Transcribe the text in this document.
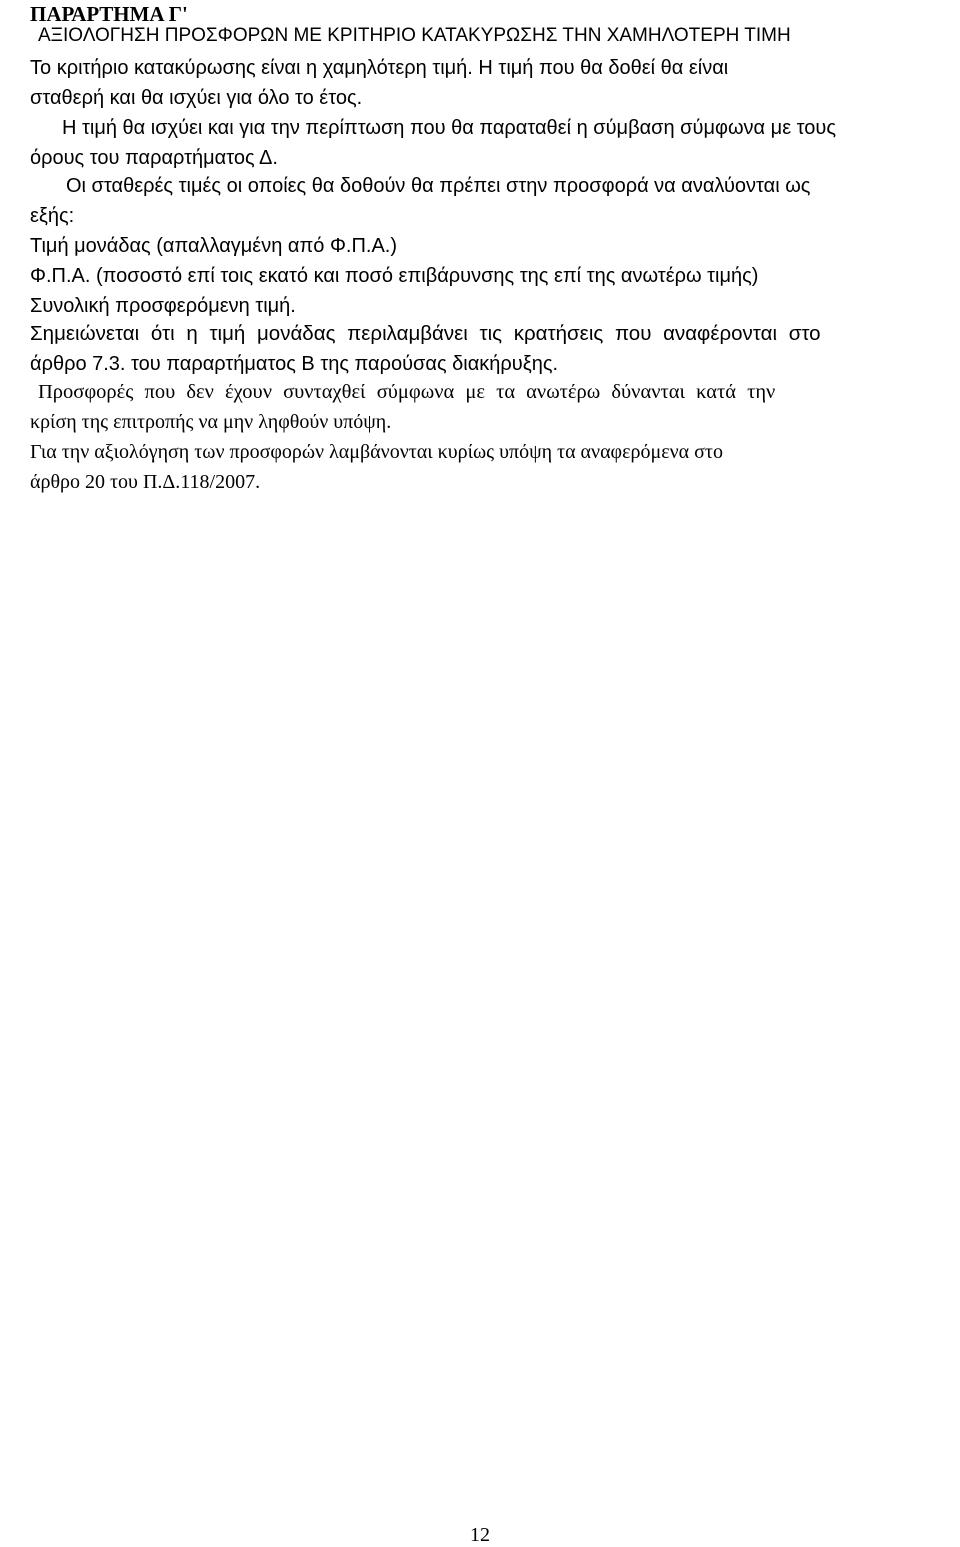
ΠΑΡΑΡΤΗΜΑ Γ'
ΑΞΙΟΛΟΓΗΣΗ ΠΡΟΣΦΟΡΩΝ ΜΕ ΚΡΙΤΗΡΙΟ ΚΑΤΑΚΥΡΩΣΗΣ ΤΗΝ ΧΑΜΗΛΟΤΕΡΗ ΤΙΜΗ
Το κριτήριο κατακύρωσης είναι η χαμηλότερη τιμή. Η τιμή που θα δοθεί θα είναι
σταθερή και θα ισχύει για όλο το έτος.
Η τιμή θα ισχύει και για την περίπτωση που θα παραταθεί η σύμβαση σύμφωνα με τους
όρους του παραρτήματος Δ.
Οι σταθερές τιμές οι οποίες θα δοθούν θα πρέπει στην προσφορά να αναλύονται ως
εξής:
Τιμή μονάδας (απαλλαγμένη από Φ.Π.Α.)
Φ.Π.Α. (ποσοστό επί τοις εκατό και ποσό επιβάρυνσης της επί της ανωτέρω τιμής)
Συνολική προσφερόμενη τιμή.
Σημειώνεται ότι η τιμή μονάδας περιλαμβάνει τις κρατήσεις που αναφέρονται στο
άρθρο 7.3. του παραρτήματος Β της παρούσας διακήρυξης.
Προσφορές που δεν έχουν συνταχθεί σύμφωνα με τα ανωτέρω δύνανται κατά την
κρίση της επιτροπής να μην ληφθούν υπόψη.
Για την αξιολόγηση των προσφορών λαμβάνονται κυρίως υπόψη τα αναφερόμενα στο
άρθρο 20 του Π.Δ.118/2007.
12
